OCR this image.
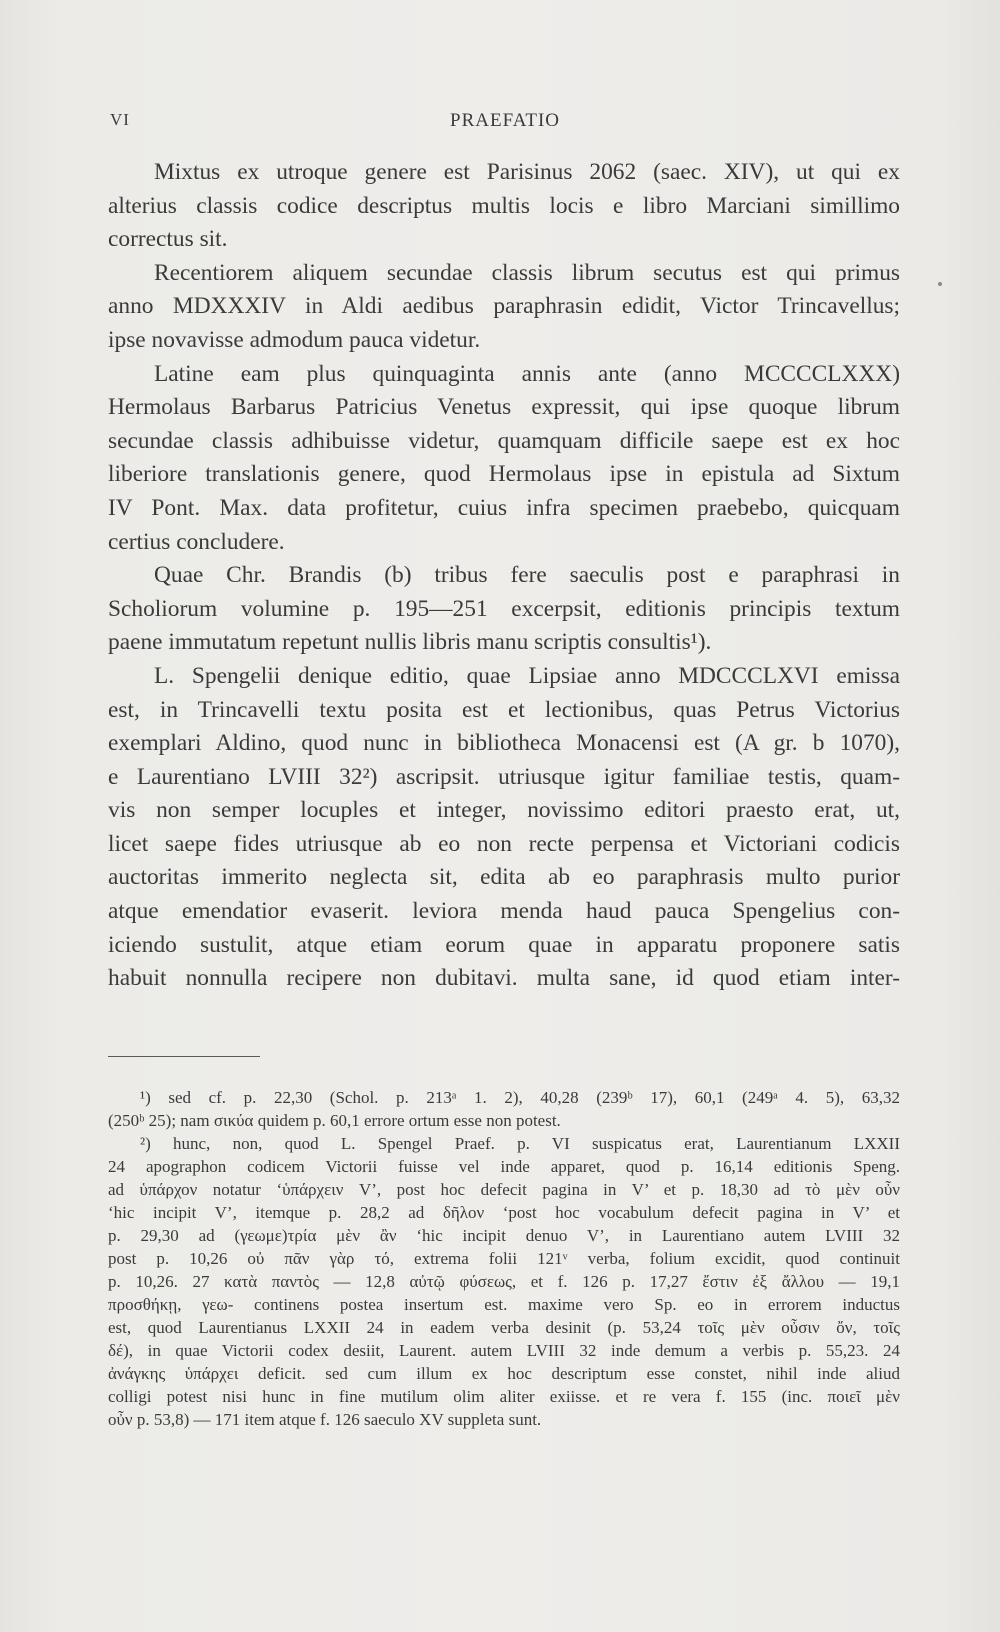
VI	PRAEFATIO
Mixtus ex utroque genere est Parisinus 2062 (saec. XIV), ut qui ex
alterius classis codice descriptus multis locis e libro Marciani simillimo
correctus sit.
Recentiorem aliquem secundae classis librum secutus est qui primus
anno MDXXXIV in Aldi aedibus paraphrasin edidit, Victor Trincavellus;
ipse novavisse admodum pauca videtur.
Latine eam plus quinquaginta annis ante (anno MCCCCLXXX)
Hermolaus Barbarus Patricius Venetus expressit, qui ipse quoque librum
secundae classis adhibuisse videtur, quamquam difficile saepe est ex hoc
liberiore translationis genere, quod Hermolaus ipse in epistula ad Sixtum
IV Pont. Max. data profitetur, cuius infra specimen praebebo, quicquam
certius concludere.
Quae Chr. Brandis (b) tribus fere saeculis post e paraphrasi in
Scholiorum volumine p. 195—251 excerpsit, editionis principis textum
paene immutatum repetunt nullis libris manu scriptis consultis¹).
L. Spengelii denique editio, quae Lipsiae anno MDCCCLXVI emissa
est, in Trincavelli textu posita est et lectionibus, quas Petrus Victorius
exemplari Aldino, quod nunc in bibliotheca Monacensi est (A gr. b 1070),
e Laurentiano LVIII 32²) ascripsit. utriusque igitur familiae testis, quam-
vis non semper locuples et integer, novissimo editori praesto erat, ut,
licet saepe fides utriusque ab eo non recte perpensa et Victoriani codicis
auctoritas immerito neglecta sit, edita ab eo paraphrasis multo purior
atque emendatior evaserit. leviora menda haud pauca Spengelius con-
iciendo sustulit, atque etiam eorum quae in apparatu proponere satis
habuit nonnulla recipere non dubitavi. multa sane, id quod etiam inter-
¹) sed cf. p. 22,30 (Schol. p. 213ᵃ 1. 2), 40,28 (239ᵇ 17), 60,1 (249ᵃ 4. 5), 63,32
(250ᵇ 25); nam σικύα quidem p. 60,1 errore ortum esse non potest.
²) hunc, non, quod L. Spengel Praef. p. VI suspicatus erat, Laurentianum LXXII
24 apographon codicem Victorii fuisse vel inde apparet, quod p. 16,14 editionis Speng.
ad ὑπάρχον notatur ‘ὑπάρχειν V’, post hoc defecit pagina in V’ et p. 18,30 ad τὸ μὲν οὖν
‘hic incipit V’, itemque p. 28,2 ad δῆλον ‘post hoc vocabulum defecit pagina in V’ et
p. 29,30 ad (γεωμε)τρία μὲν ἂν ‘hic incipit denuo V’, in Laurentiano autem LVIII 32
post p. 10,26 οὐ πᾶν γὰρ τό, extrema folii 121ᵛ verba, folium excidit, quod continuit
p. 10,26. 27 κατὰ παντὸς — 12,8 αὐτῷ φύσεως, et f. 126 p. 17,27 ἔστιν ἐξ ἄλλου — 19,1
προσθήκῃ, γεω- continens postea insertum est. maxime vero Sp. eo in errorem inductus
est, quod Laurentianus LXXII 24 in eadem verba desinit (p. 53,24 τοῖς μὲν οὖσιν ὄν, τοῖς
δέ), in quae Victorii codex desiit, Laurent. autem LVIII 32 inde demum a verbis p. 55,23. 24
ἀνάγκης ὑπάρχει deficit. sed cum illum ex hoc descriptum esse constet, nihil inde aliud
colligi potest nisi hunc in fine mutilum olim aliter exiisse. et re vera f. 155 (inc. ποιεῖ μὲν
οὖν p. 53,8) — 171 item atque f. 126 saeculo XV suppleta sunt.
